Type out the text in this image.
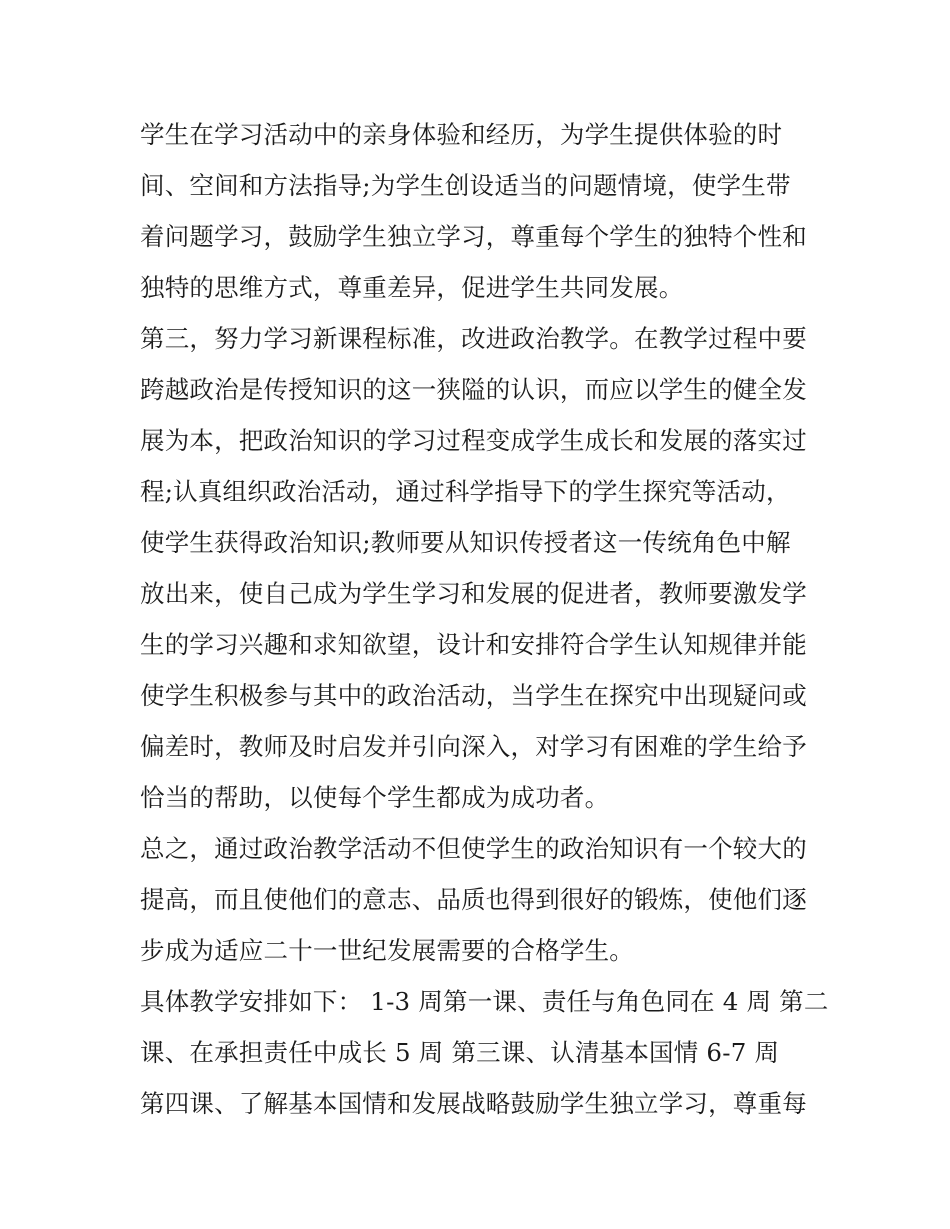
学生在学习活动中的亲身体验和经历，为学生提供体验的时
间、空间和方法指导;为学生创设适当的问题情境，使学生带
着问题学习，鼓励学生独立学习，尊重每个学生的独特个性和
独特的思维方式，尊重差异，促进学生共同发展。
第三，努力学习新课程标准，改进政治教学。在教学过程中要
跨越政治是传授知识的这一狭隘的认识，而应以学生的健全发
展为本，把政治知识的学习过程变成学生成长和发展的落实过
程;认真组织政治活动，通过科学指导下的学生探究等活动，
使学生获得政治知识;教师要从知识传授者这一传统角色中解
放出来，使自己成为学生学习和发展的促进者，教师要激发学
生的学习兴趣和求知欲望，设计和安排符合学生认知规律并能
使学生积极参与其中的政治活动，当学生在探究中出现疑问或
偏差时，教师及时启发并引向深入，对学习有困难的学生给予
恰当的帮助，以使每个学生都成为成功者。
总之，通过政治教学活动不但使学生的政治知识有一个较大的
提高，而且使他们的意志、品质也得到很好的锻炼，使他们逐
步成为适应二十一世纪发展需要的合格学生。
具体教学安排如下： 1-3 周第一课、责任与角色同在 4 周 第二
课、在承担责任中成长 5 周 第三课、认清基本国情 6-7 周
第四课、了解基本国情和发展战略鼓励学生独立学习，尊重每
